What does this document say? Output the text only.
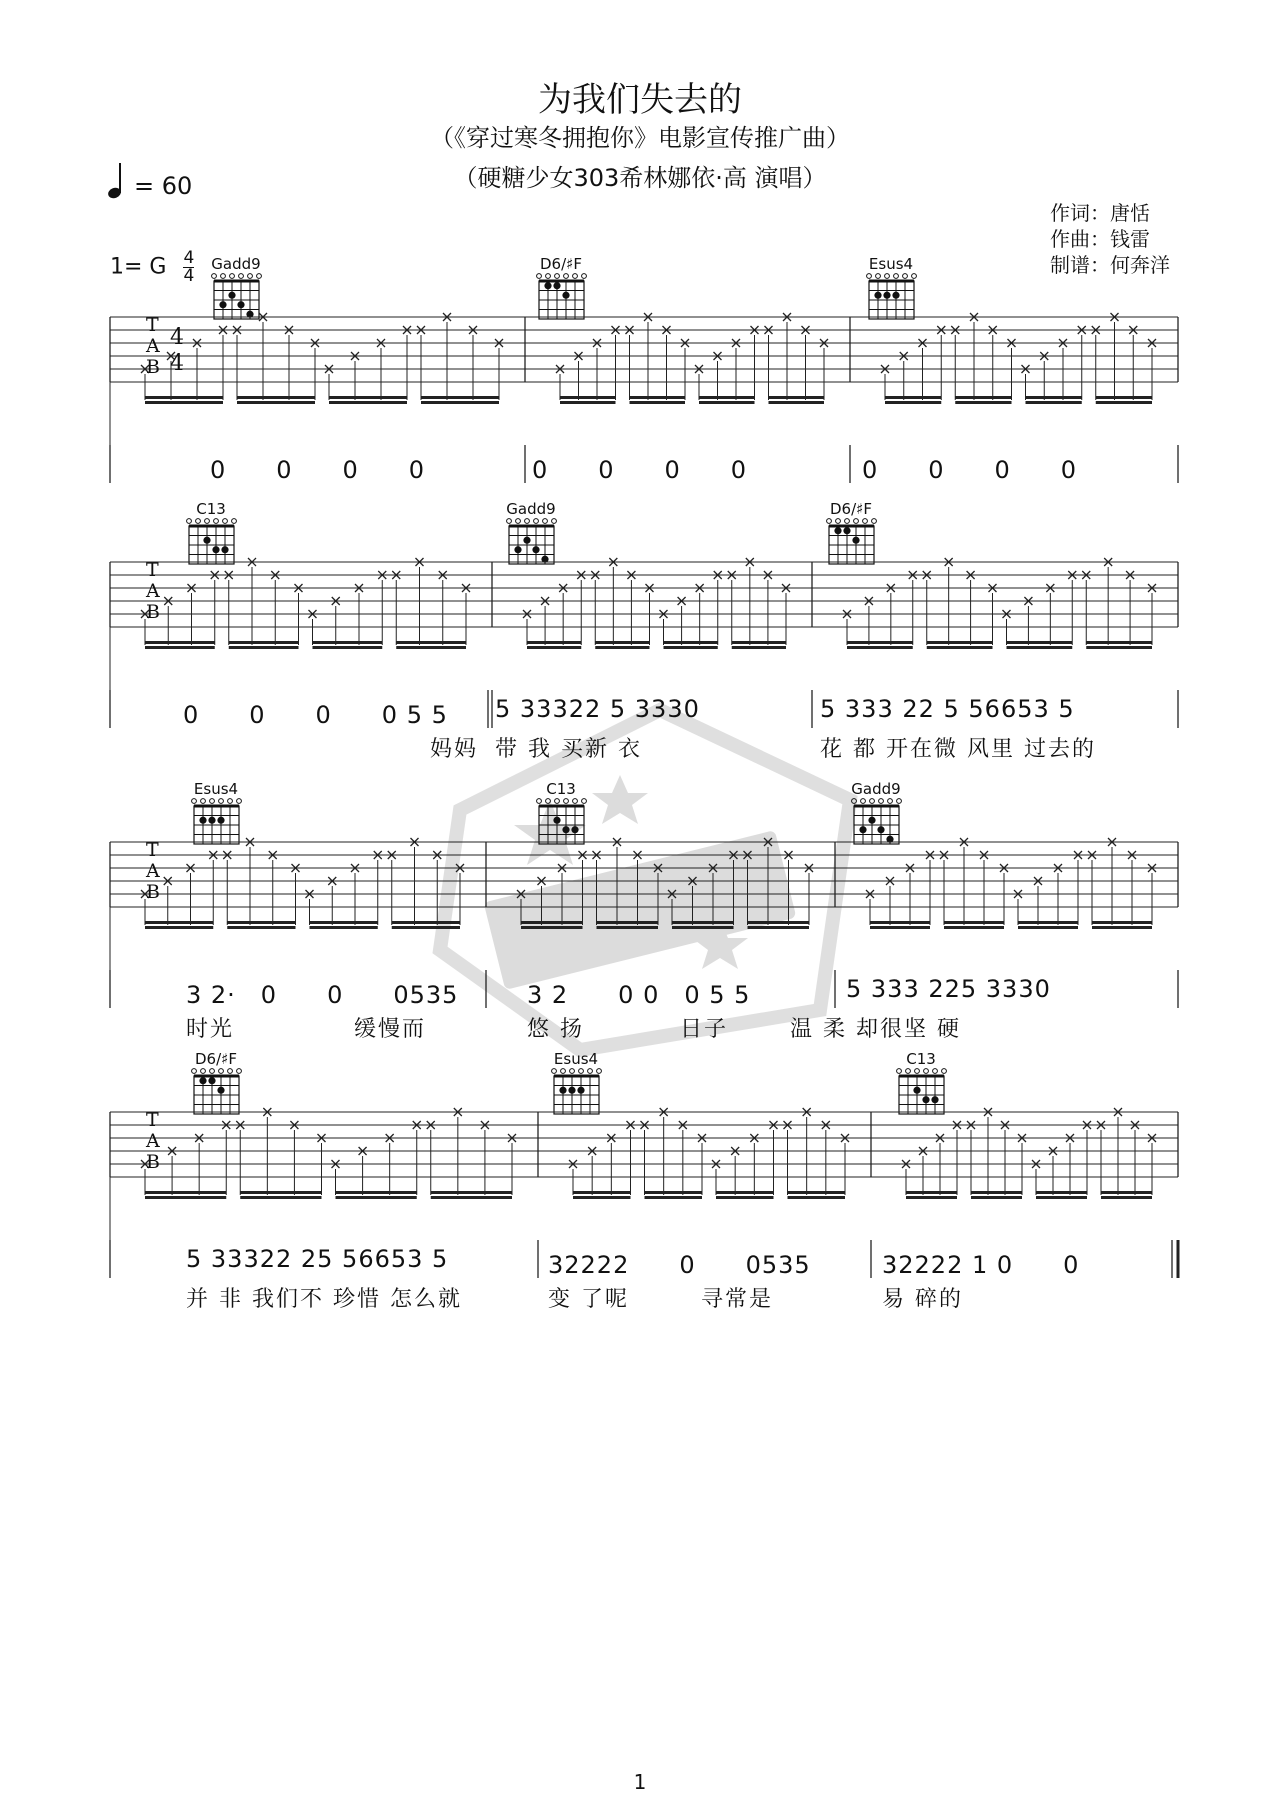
为我们失去的
（《穿过寒冬拥抱你》电影宣传推广曲）
（硬糖少女303希林娜依·高 演唱）
= 60
作词：唐恬
作曲：钱雷
制谱：何奔洋
1= G $\frac{4}{4}$	Gadd9	D6/♯F	Esus4
T
A
B
4
4
0　　0　　0　　0	0　　0　　0　　0	0　　0　　0　　0
C13	Gadd9	D6/♯F
T
A
B
0　　0　　0　　0 5 5 5 33322 5 3330	5 333 22 5 56653 5
妈妈 带 我 买新 衣	花 都 开在微 风里 过去的
Esus4	C13	Gadd9
T
A
B
3 2·　0　　0　　0535	3 2　　0 0　0 5 5	5 333 225 3330
时光　　　　　缓慢而	悠 扬　　　　日子	温 柔 却很坚 硬
D6/♯F	Esus4	C13
T
A
B
5 33322 25 56653 5	32222　　0　　0535	32222 1 0　　0
并 非 我们不 珍惜 怎么就	变 了呢　　　寻常是	易 碎的
1
